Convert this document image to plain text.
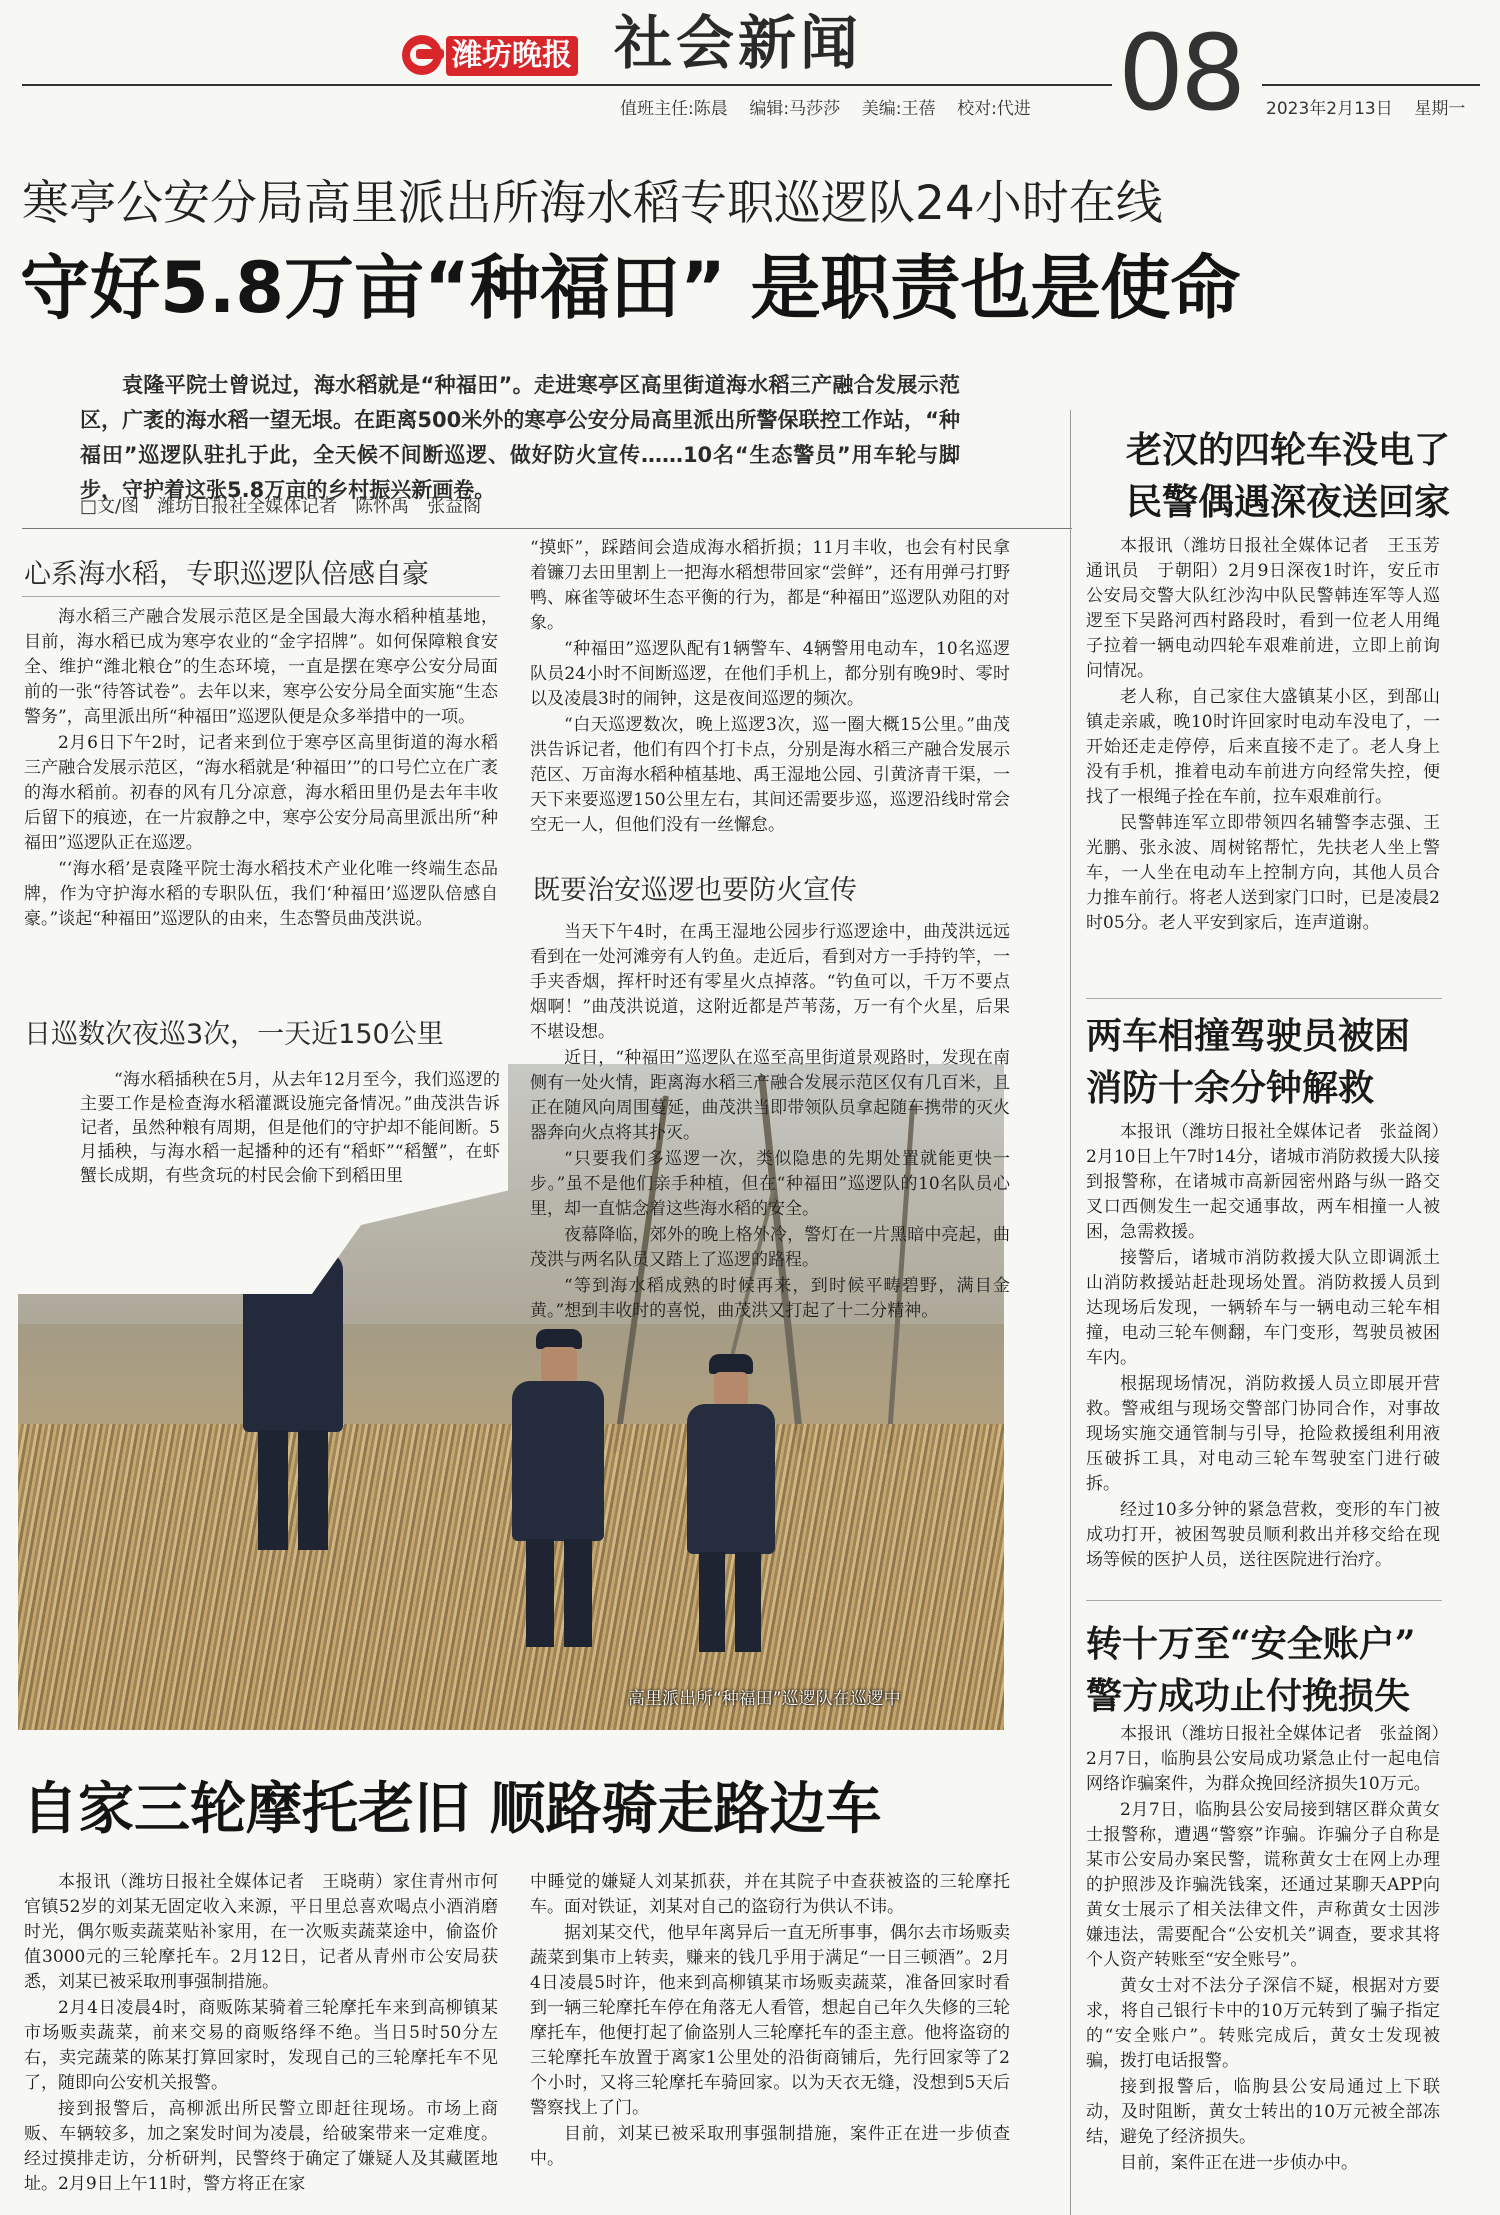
潍坊晚报 社会新闻
值班主任:陈晨 编辑:马莎莎 美编:王蓓 校对:代进 08 2023年2月13日 星期一
寒亭公安分局高里派出所海水稻专职巡逻队24小时在线
守好5.8万亩“种福田” 是职责也是使命

袁隆平院士曾说过，海水稻就是“种福田”。走进寒亭区高里街道海水稻三产融合发展示范区，广袤的海水稻一望无垠。在距离500米外的寒亭公安分局高里派出所警保联控工作站，“种福田”巡逻队驻扎于此，全天候不间断巡逻、做好防火宣传……10名“生态警员”用车轮与脚步，守护着这张5.8万亩的乡村振兴新画卷。

□文/图　潍坊日报社全媒体记者　陈怀禹　张益阁
心系海水稻，专职巡逻队倍感自豪

海水稻三产融合发展示范区是全国最大海水稻种植基地，目前，海水稻已成为寒亭农业的“金字招牌”。如何保障粮食安全、维护“潍北粮仓”的生态环境，一直是摆在寒亭公安分局面前的一张“待答试卷”。去年以来，寒亭公安分局全面实施“生态警务”，高里派出所“种福田”巡逻队便是众多举措中的一项。

2月6日下午2时，记者来到位于寒亭区高里街道的海水稻三产融合发展示范区，“海水稻就是‘种福田’”的口号伫立在广袤的海水稻前。初春的风有几分凉意，海水稻田里仍是去年丰收后留下的痕迹，在一片寂静之中，寒亭公安分局高里派出所“种福田”巡逻队正在巡逻。

“‘海水稻’是袁隆平院士海水稻技术产业化唯一终端生态品牌，作为守护海水稻的专职队伍，我们‘种福田’巡逻队倍感自豪。”谈起“种福田”巡逻队的由来，生态警员曲茂洪说。

日巡数次夜巡3次，一天近150公里
高里派出所“种福田”巡逻队在巡逻中

“海水稻插秧在5月，从去年12月至今，我们巡逻的主要工作是检查海水稻灌溉设施完备情况。”曲茂洪告诉记者，虽然种粮有周期，但是他们的守护却不能间断。5月插秧，与海水稻一起播种的还有“稻虾”“稻蟹”，在虾蟹长成期，有些贪玩的村民会偷下到稻田里

“摸虾”，踩踏间会造成海水稻折损；11月丰收，也会有村民拿着镰刀去田里割上一把海水稻想带回家“尝鲜”，还有用弹弓打野鸭、麻雀等破坏生态平衡的行为，都是“种福田”巡逻队劝阻的对象。

“种福田”巡逻队配有1辆警车、4辆警用电动车，10名巡逻队员24小时不间断巡逻，在他们手机上，都分别有晚9时、零时以及凌晨3时的闹钟，这是夜间巡逻的频次。

“白天巡逻数次，晚上巡逻3次，巡一圈大概15公里。”曲茂洪告诉记者，他们有四个打卡点，分别是海水稻三产融合发展示范区、万亩海水稻种植基地、禹王湿地公园、引黄济青干渠，一天下来要巡逻150公里左右，其间还需要步巡，巡逻沿线时常会空无一人，但他们没有一丝懈怠。

既要治安巡逻也要防火宣传

当天下午4时，在禹王湿地公园步行巡逻途中，曲茂洪远远看到在一处河滩旁有人钓鱼。走近后，看到对方一手持钓竿，一手夹香烟，挥杆时还有零星火点掉落。“钓鱼可以，千万不要点烟啊！”曲茂洪说道，这附近都是芦苇荡，万一有个火星，后果不堪设想。

近日，“种福田”巡逻队在巡至高里街道景观路时，发现在南侧有一处火情，距离海水稻三产融合发展示范区仅有几百米，且正在随风向周围蔓延，曲茂洪当即带领队员拿起随车携带的灭火器奔向火点将其扑灭。

“只要我们多巡逻一次，类似隐患的先期处置就能更快一步。”虽不是他们亲手种植，但在“种福田”巡逻队的10名队员心里，却一直惦念着这些海水稻的安全。

夜幕降临，郊外的晚上格外冷，警灯在一片黑暗中亮起，曲茂洪与两名队员又踏上了巡逻的路程。

“等到海水稻成熟的时候再来，到时候平畴碧野，满目金黄。”想到丰收时的喜悦，曲茂洪又打起了十二分精神。

自家三轮摩托老旧 顺路骑走路边车

本报讯（潍坊日报社全媒体记者　王晓萌）家住青州市何官镇52岁的刘某无固定收入来源，平日里总喜欢喝点小酒消磨时光，偶尔贩卖蔬菜贴补家用，在一次贩卖蔬菜途中，偷盗价值3000元的三轮摩托车。2月12日，记者从青州市公安局获悉，刘某已被采取刑事强制措施。

2月4日凌晨4时，商贩陈某骑着三轮摩托车来到高柳镇某市场贩卖蔬菜，前来交易的商贩络绎不绝。当日5时50分左右，卖完蔬菜的陈某打算回家时，发现自己的三轮摩托车不见了，随即向公安机关报警。

接到报警后，高柳派出所民警立即赶往现场。市场上商贩、车辆较多，加之案发时间为凌晨，给破案带来一定难度。经过摸排走访，分析研判，民警终于确定了嫌疑人及其藏匿地址。2月9日上午11时，警方将正在家

中睡觉的嫌疑人刘某抓获，并在其院子中查获被盗的三轮摩托车。面对铁证，刘某对自己的盗窃行为供认不讳。

据刘某交代，他早年离异后一直无所事事，偶尔去市场贩卖蔬菜到集市上转卖，赚来的钱几乎用于满足“一日三顿酒”。2月4日凌晨5时许，他来到高柳镇某市场贩卖蔬菜，准备回家时看到一辆三轮摩托车停在角落无人看管，想起自己年久失修的三轮摩托车，他便打起了偷盗别人三轮摩托车的歪主意。他将盗窃的三轮摩托车放置于离家1公里处的沿街商铺后，先行回家等了2个小时，又将三轮摩托车骑回家。以为天衣无缝，没想到5天后警察找上了门。

目前，刘某已被采取刑事强制措施，案件正在进一步侦查中。

老汉的四轮车没电了
民警偶遇深夜送回家

本报讯（潍坊日报社全媒体记者　王玉芳　通讯员　于朝阳）2月9日深夜1时许，安丘市公安局交警大队红沙沟中队民警韩连军等人巡逻至下吴路河西村路段时，看到一位老人用绳子拉着一辆电动四轮车艰难前进，立即上前询问情况。

老人称，自己家住大盛镇某小区，到郚山镇走亲戚，晚10时许回家时电动车没电了，一开始还走走停停，后来直接不走了。老人身上没有手机，推着电动车前进方向经常失控，便找了一根绳子拴在车前，拉车艰难前行。

民警韩连军立即带领四名辅警李志强、王光鹏、张永波、周树铭帮忙，先扶老人坐上警车，一人坐在电动车上控制方向，其他人员合力推车前行。将老人送到家门口时，已是凌晨2时05分。老人平安到家后，连声道谢。

两车相撞驾驶员被困
消防十余分钟解救

本报讯（潍坊日报社全媒体记者　张益阁）2月10日上午7时14分，诸城市消防救援大队接到报警称，在诸城市高新园密州路与纵一路交叉口西侧发生一起交通事故，两车相撞一人被困，急需救援。

接警后，诸城市消防救援大队立即调派土山消防救援站赶赴现场处置。消防救援人员到达现场后发现，一辆轿车与一辆电动三轮车相撞，电动三轮车侧翻，车门变形，驾驶员被困车内。

根据现场情况，消防救援人员立即展开营救。警戒组与现场交警部门协同合作，对事故现场实施交通管制与引导，抢险救援组利用液压破拆工具，对电动三轮车驾驶室门进行破拆。

经过10多分钟的紧急营救，变形的车门被成功打开，被困驾驶员顺利救出并移交给在现场等候的医护人员，送往医院进行治疗。

转十万至“安全账户”
警方成功止付挽损失

本报讯（潍坊日报社全媒体记者　张益阁）2月7日，临朐县公安局成功紧急止付一起电信网络诈骗案件，为群众挽回经济损失10万元。

2月7日，临朐县公安局接到辖区群众黄女士报警称，遭遇“警察”诈骗。诈骗分子自称是某市公安局办案民警，谎称黄女士在网上办理的护照涉及诈骗洗钱案，还通过某聊天APP向黄女士展示了相关法律文件，声称黄女士因涉嫌违法，需要配合“公安机关”调查，要求其将个人资产转账至“安全账号”。

黄女士对不法分子深信不疑，根据对方要求，将自己银行卡中的10万元转到了骗子指定的“安全账户”。转账完成后，黄女士发现被骗，拨打电话报警。

接到报警后，临朐县公安局通过上下联动，及时阻断，黄女士转出的10万元被全部冻结，避免了经济损失。

目前，案件正在进一步侦办中。
